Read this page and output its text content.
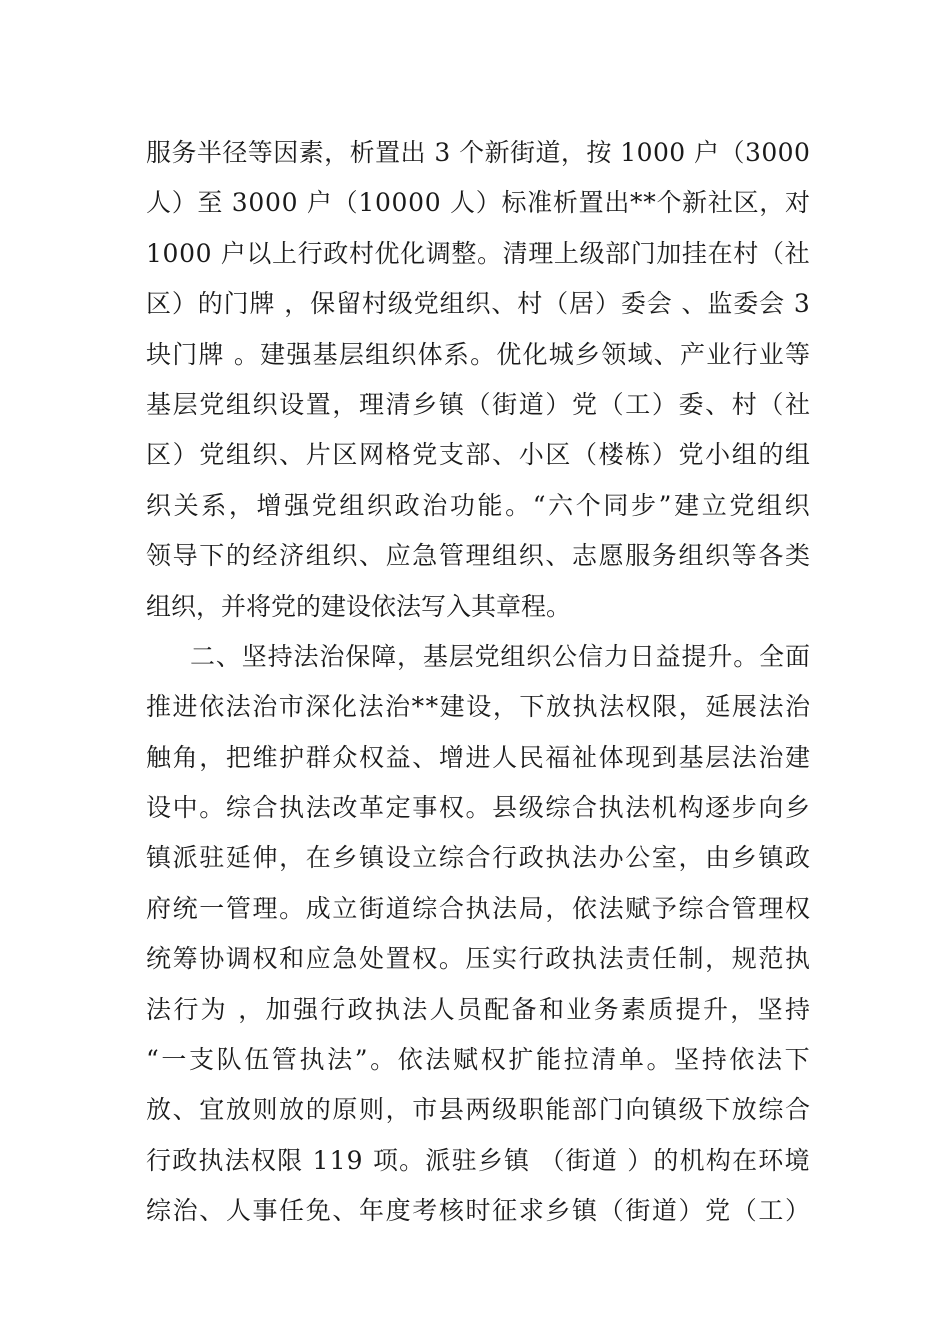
服务半径等因素，析置出 3 个新街道，按 1000 户（3000
人）至 3000 户（10000 人）标准析置出**个新社区，对
1000 户以上行政村优化调整。清理上级部门加挂在村（社
区）的门牌 ，保留村级党组织、村（居）委会 、监委会 3
块门牌 。建强基层组织体系。优化城乡领域、产业行业等
基层党组织设置，理清乡镇（街道）党（工）委、村（社
区）党组织、片区网格党支部、小区（楼栋）党小组的组
织关系，增强党组织政治功能。“六个同步”建立党组织
领导下的经济组织、应急管理组织、志愿服务组织等各类
组织，并将党的建设依法写入其章程。
二、坚持法治保障，基层党组织公信力日益提升。全面
推进依法治市深化法治**建设，下放执法权限，延展法治
触角，把维护群众权益、增进人民福祉体现到基层法治建
设中。综合执法改革定事权。县级综合执法机构逐步向乡
镇派驻延伸，在乡镇设立综合行政执法办公室，由乡镇政
府统一管理。成立街道综合执法局，依法赋予综合管理权
统筹协调权和应急处置权。压实行政执法责任制，规范执
法行为 ，加强行政执法人员配备和业务素质提升，坚持
“一支队伍管执法”。依法赋权扩能拉清单。坚持依法下
放、宜放则放的原则，市县两级职能部门向镇级下放综合
行政执法权限 119 项。派驻乡镇 （街道 ）的机构在环境
综治、人事任免、年度考核时征求乡镇（街道）党（工）
